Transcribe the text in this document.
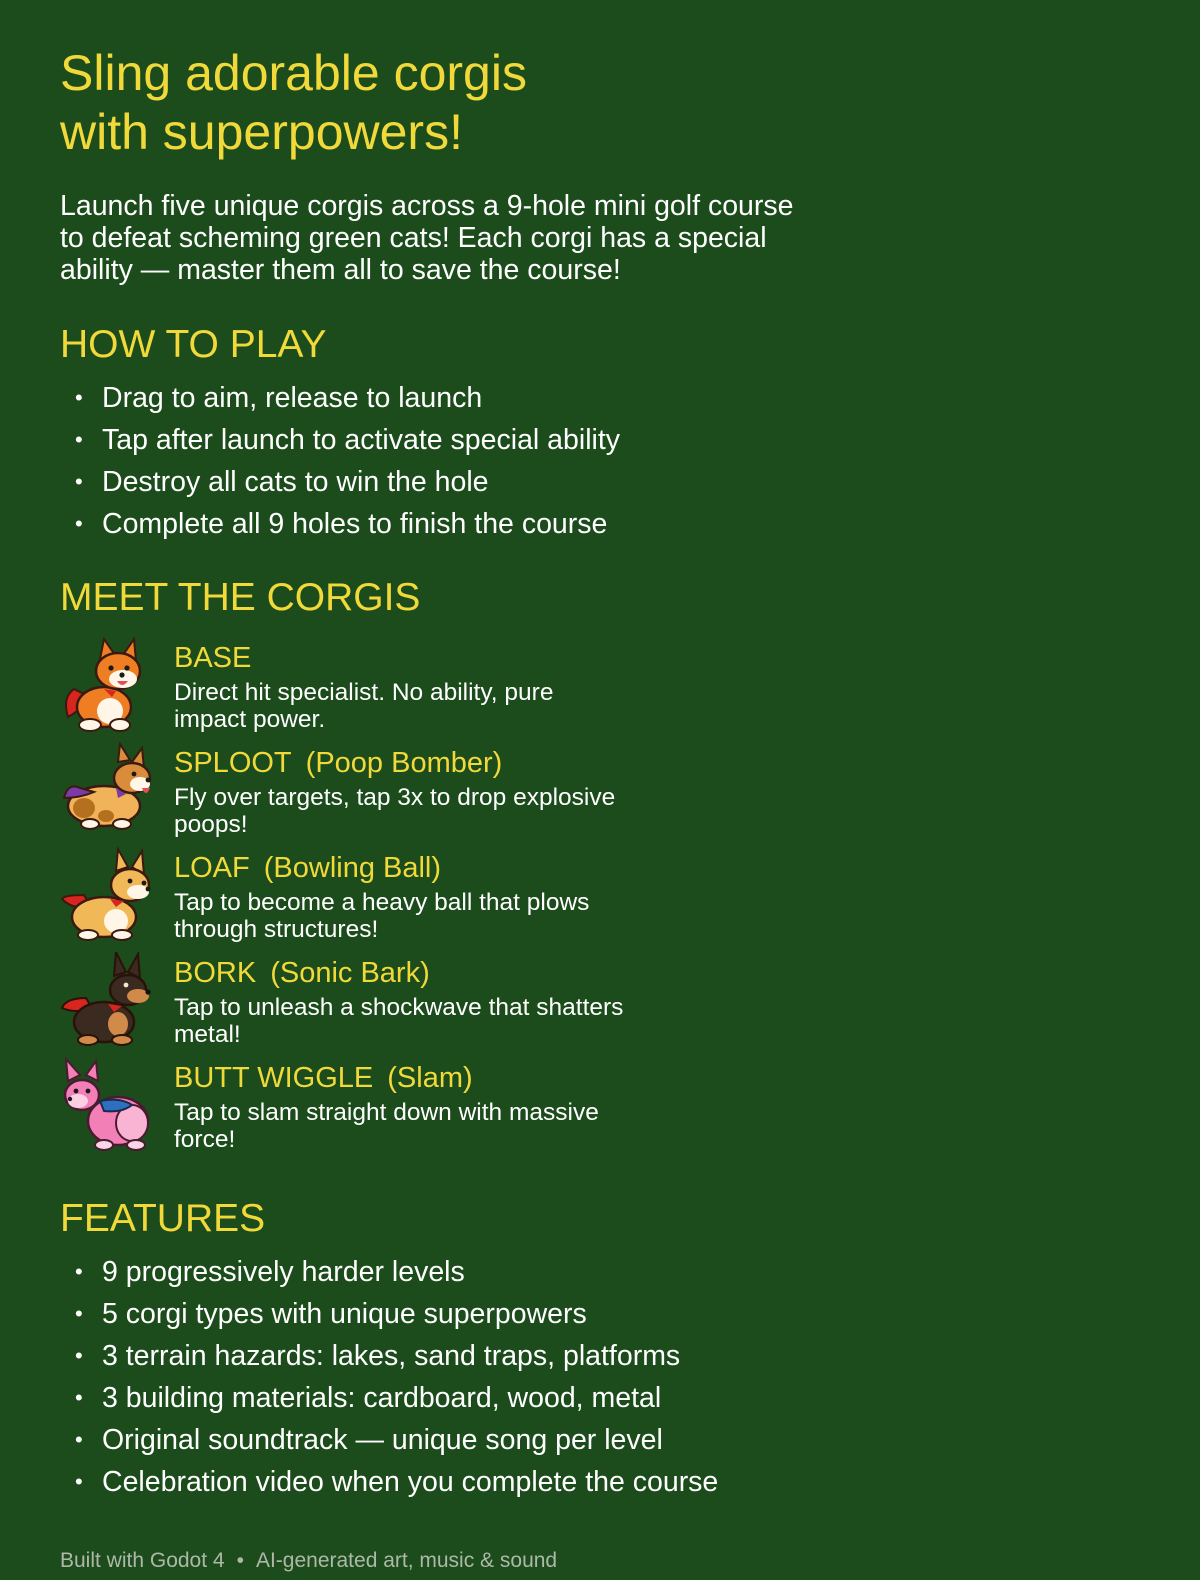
Sling adorable corgis
with superpowers!

Launch five unique corgis across a 9-hole mini golf course
to defeat scheming green cats! Each corgi has a special
ability — master them all to save the course!

HOW TO PLAY
• Drag to aim, release to launch
• Tap after launch to activate special ability
• Destroy all cats to win the hole
• Complete all 9 holes to finish the course
MEET THE CORGIS
BASE
Direct hit specialist. No ability, pure impact power.
SPLOOT (Poop Bomber)
Fly over targets, tap 3x to drop explosive poops!
LOAF (Bowling Ball)
Tap to become a heavy ball that plows through structures!
BORK (Sonic Bark)
Tap to unleash a shockwave that shatters metal!
BUTT WIGGLE (Slam)
Tap to slam straight down with massive force!
FEATURES
• 9 progressively harder levels
• 5 corgi types with unique superpowers
• 3 terrain hazards: lakes, sand traps, platforms
• 3 building materials: cardboard, wood, metal
• Original soundtrack — unique song per level
• Celebration video when you complete the course
Built with Godot 4 • AI-generated art, music & sound
